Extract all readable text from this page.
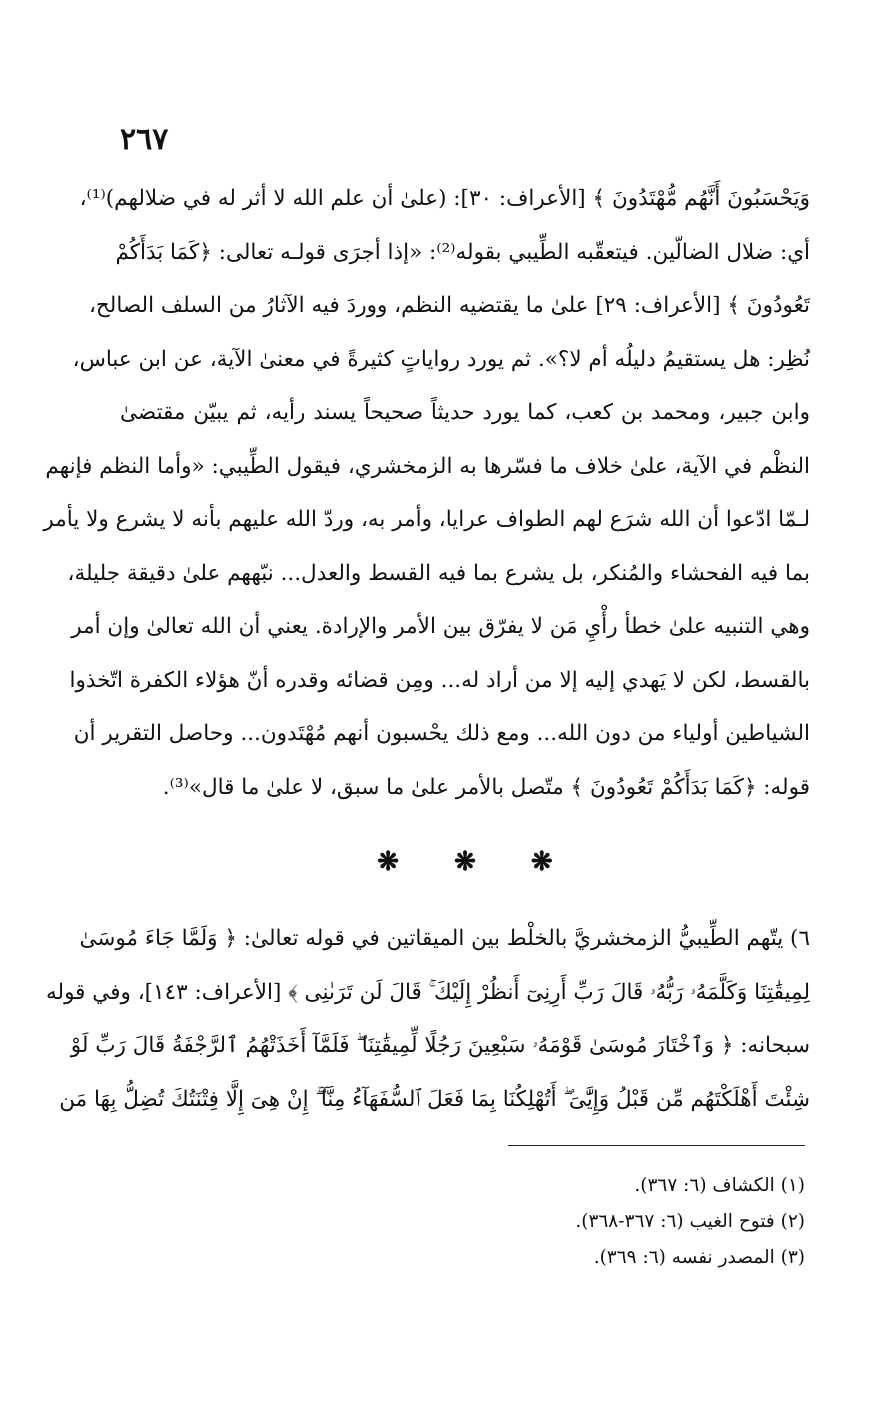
٢٦٧
وَيَحْسَبُونَ أَنَّهُم مُّهْتَدُونَ ﴾ [الأعراف: ٣٠]: (علىٰ أن علم الله لا أثر له في ضلالهم)⁽¹⁾،
أي: ضلال الضالّين. فيتعقّبه الطِّيبي بقوله⁽²⁾: «إذا أجرَى قولـه تعالى: ﴿كَمَا بَدَأَكُمْ
تَعُودُونَ ﴾ [الأعراف: ٢٩] علىٰ ما يقتضيه النظم، ووردَ فيه الآثارُ من السلف الصالح،
نُظِر: هل يستقيمُ دليلُه أم لا؟». ثم يورد رواياتٍ كثيرةً في معنىٰ الآية، عن ابن عباس،
وابن جبير، ومحمد بن كعب، كما يورد حديثاً صحيحاً يسند رأيه، ثم يبيّن مقتضىٰ
النظْم في الآية، علىٰ خلاف ما فسّرها به الزمخشري، فيقول الطِّيبي: «وأما النظم فإنهم
لـمّا ادّعوا أن الله شرَع لهم الطواف عرايا، وأمر به، وردّ الله عليهم بأنه لا يشرع ولا يأمر
بما فيه الفحشاء والمُنكر، بل يشرع بما فيه القسط والعدل... نبّههم علىٰ دقيقة جليلة،
وهي التنبيه علىٰ خطأ رأْيِ مَن لا يفرّق بين الأمر والإرادة. يعني أن الله تعالىٰ وإن أمر
بالقسط، لكن لا يَهدي إليه إلا من أراد له... ومِن قضائه وقدره أنّ هؤلاء الكفرة اتّخذوا
الشياطين أولياء من دون الله... ومع ذلك يحْسبون أنهم مُهْتَدون... وحاصل التقرير أن
قوله: ﴿كَمَا بَدَأَكُمْ تَعُودُونَ ﴾ متّصل بالأمر علىٰ ما سبق، لا علىٰ ما قال»⁽³⁾.
❋ ❋ ❋
٦) يتّهم الطِّيبيُّ الزمخشريَّ بالخلْط بين الميقاتين في قوله تعالىٰ: ﴿ وَلَمَّا جَاءَ مُوسَىٰ
لِمِيقَٰتِنَا وَكَلَّمَهُۥ رَبُّهُۥ قَالَ رَبِّ أَرِنِىٓ أَنظُرْ إِلَيْكَ ۚ قَالَ لَن تَرَىٰنِى ﴾ [الأعراف: ١٤٣]، وفي قوله
سبحانه: ﴿ وَٱخْتَارَ مُوسَىٰ قَوْمَهُۥ سَبْعِينَ رَجُلًا لِّمِيقَٰتِنَا ۖ فَلَمَّآ أَخَذَتْهُمُ ٱلرَّجْفَةُ قَالَ رَبِّ لَوْ
شِئْتَ أَهْلَكْتَهُم مِّن قَبْلُ وَإِيَّٰىَ ۖ أَتُهْلِكُنَا بِمَا فَعَلَ ٱلسُّفَهَآءُ مِنَّآ ۖ إِنْ هِىَ إِلَّا فِتْنَتُكَ تُضِلُّ بِهَا مَن
(١) الكشاف (٦: ٣٦٧).
(٢) فتوح الغيب (٦: ٣٦٧-٣٦٨).
(٣) المصدر نفسه (٦: ٣٦٩).
